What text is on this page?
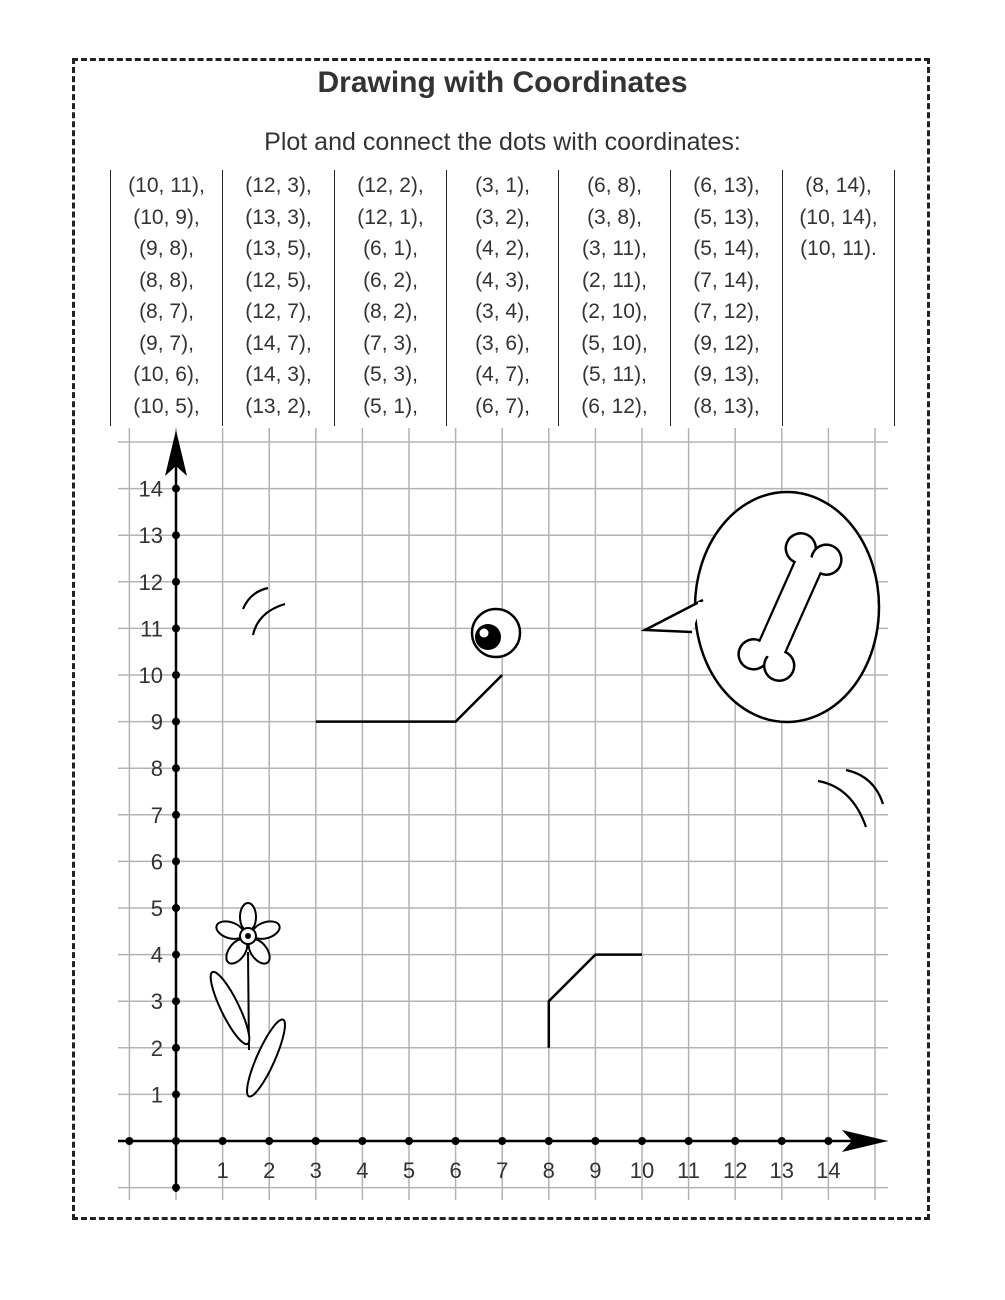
Drawing with Coordinates
Plot and connect the dots with coordinates:
(10, 11),
(10, 9),
(9, 8),
(8, 8),
(8, 7),
(9, 7),
(10, 6),
(10, 5),
(12, 3),
(13, 3),
(13, 5),
(12, 5),
(12, 7),
(14, 7),
(14, 3),
(13, 2),
(12, 2),
(12, 1),
(6, 1),
(6, 2),
(8, 2),
(7, 3),
(5, 3),
(5, 1),
(3, 1),
(3, 2),
(4, 2),
(4, 3),
(3, 4),
(3, 6),
(4, 7),
(6, 7),
(6, 8),
(3, 8),
(3, 11),
(2, 11),
(2, 10),
(5, 10),
(5, 11),
(6, 12),
(6, 13),
(5, 13),
(5, 14),
(7, 14),
(7, 12),
(9, 12),
(9, 13),
(8, 13),
(8, 14),
(10, 14),
(10, 11).
1 2 3 4 5 6 7 8 9 10 11 12 13 14
1
2
3
4
5
6
7
8
9
10
11
12
13
14
